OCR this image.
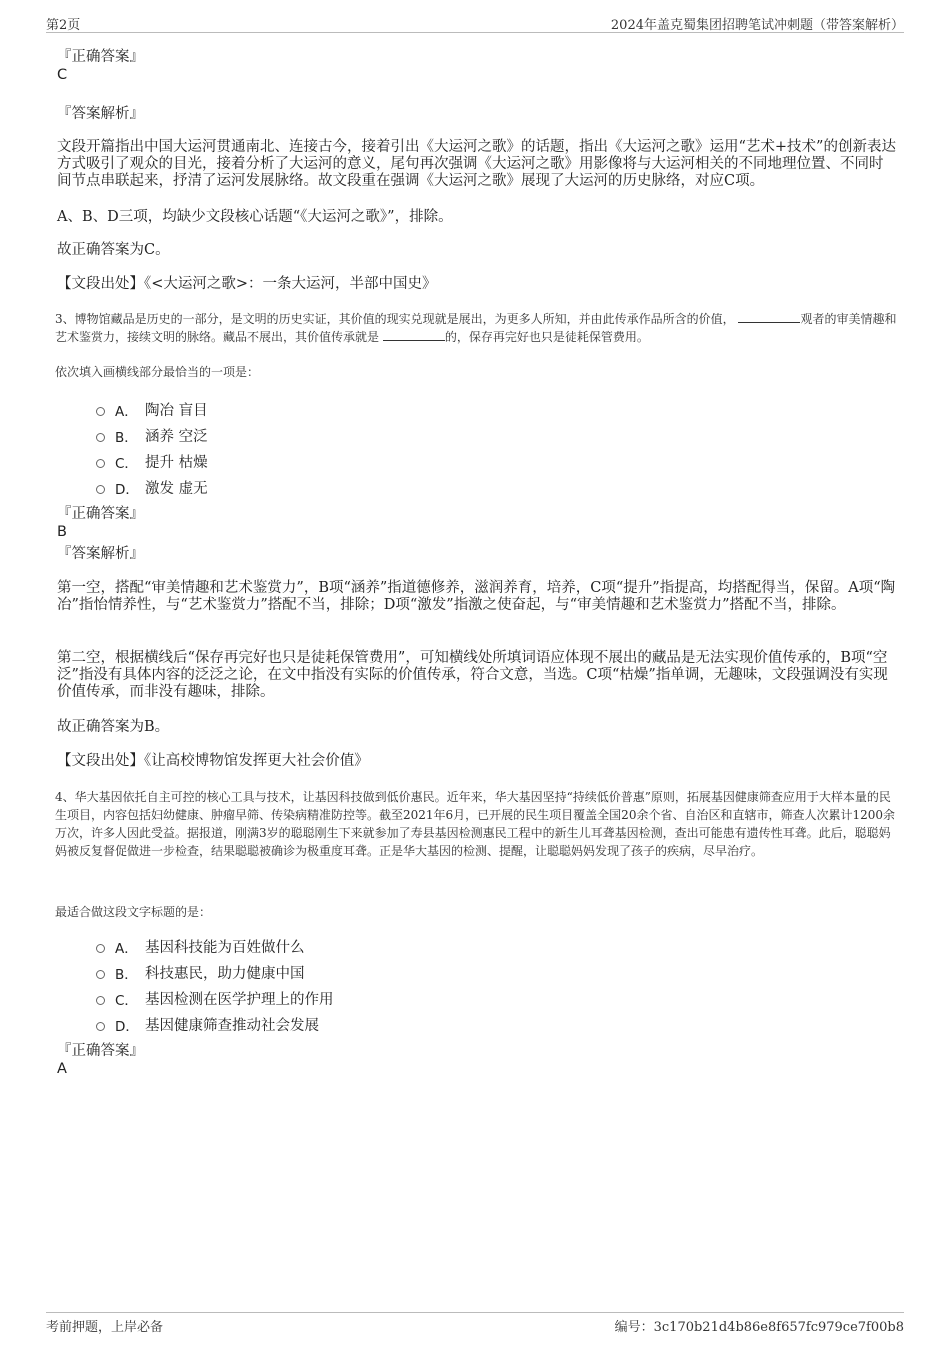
第2页	2024年盖克蜀集团招聘笔试冲刺题（带答案解析）
『正确答案』
C
『答案解析』
文段开篇指出中国大运河贯通南北、连接古今，接着引出《大运河之歌》的话题，指出《大运河之歌》运用“艺术+技术”的创新表达方式吸引了观众的目光，接着分析了大运河的意义，尾句再次强调《大运河之歌》用影像将与大运河相关的不同地理位置、不同时间节点串联起来，抒清了运河发展脉络。故文段重在强调《大运河之歌》展现了大运河的历史脉络，对应C项。
A、B、D三项，均缺少文段核心话题“《大运河之歌》”，排除。
故正确答案为C。
【文段出处】《<大运河之歌>：一条大运河，半部中国史》
3、博物馆藏品是历史的一部分，是文明的历史实证，其价值的现实兑现就是展出，为更多人所知，并由此传承作品所含的价值，	观者的审美情趣和艺术鉴赏力，接续文明的脉络。藏品不展出，其价值传承就是	的，保存再完好也只是徒耗保管费用。
依次填入画横线部分最恰当的一项是：
A． 陶冶 盲目
B． 涵养 空泛
C． 提升 枯燥
D． 激发 虚无
『正确答案』
B
『答案解析』
第一空，搭配“审美情趣和艺术鉴赏力”，B项“涵养”指道德修养，滋润养育，培养，C项“提升”指提高，均搭配得当，保留。A项“陶冶”指怡情养性，与“艺术鉴赏力”搭配不当，排除；D项“激发”指激之使奋起，与“审美情趣和艺术鉴赏力”搭配不当，排除。
第二空，根据横线后“保存再完好也只是徒耗保管费用”，可知横线处所填词语应体现不展出的藏品是无法实现价值传承的，B项“空泛”指没有具体内容的泛泛之论，在文中指没有实际的价值传承，符合文意，当选。C项“枯燥”指单调，无趣味，文段强调没有实现价值传承，而非没有趣味，排除。
故正确答案为B。
【文段出处】《让高校博物馆发挥更大社会价值》
4、华大基因依托自主可控的核心工具与技术，让基因科技做到低价惠民。近年来，华大基因坚持“持续低价普惠”原则，拓展基因健康筛查应用于大样本量的民生项目，内容包括妇幼健康、肿瘤早筛、传染病精准防控等。截至2021年6月，已开展的民生项目覆盖全国20余个省、自治区和直辖市，筛查人次累计1200余万次，许多人因此受益。据报道，刚满3岁的聪聪刚生下来就参加了寿县基因检测惠民工程中的新生儿耳聋基因检测，查出可能患有遗传性耳聋。此后，聪聪妈妈被反复督促做进一步检查，结果聪聪被确诊为极重度耳聋。正是华大基因的检测、提醒，让聪聪妈妈发现了孩子的疾病，尽早治疗。
最适合做这段文字标题的是：
A． 基因科技能为百姓做什么
B． 科技惠民，助力健康中国
C． 基因检测在医学护理上的作用
D． 基因健康筛查推动社会发展
『正确答案』
A
考前押题，上岸必备	编号：3c170b21d4b86e8f657fc979ce7f00b8
